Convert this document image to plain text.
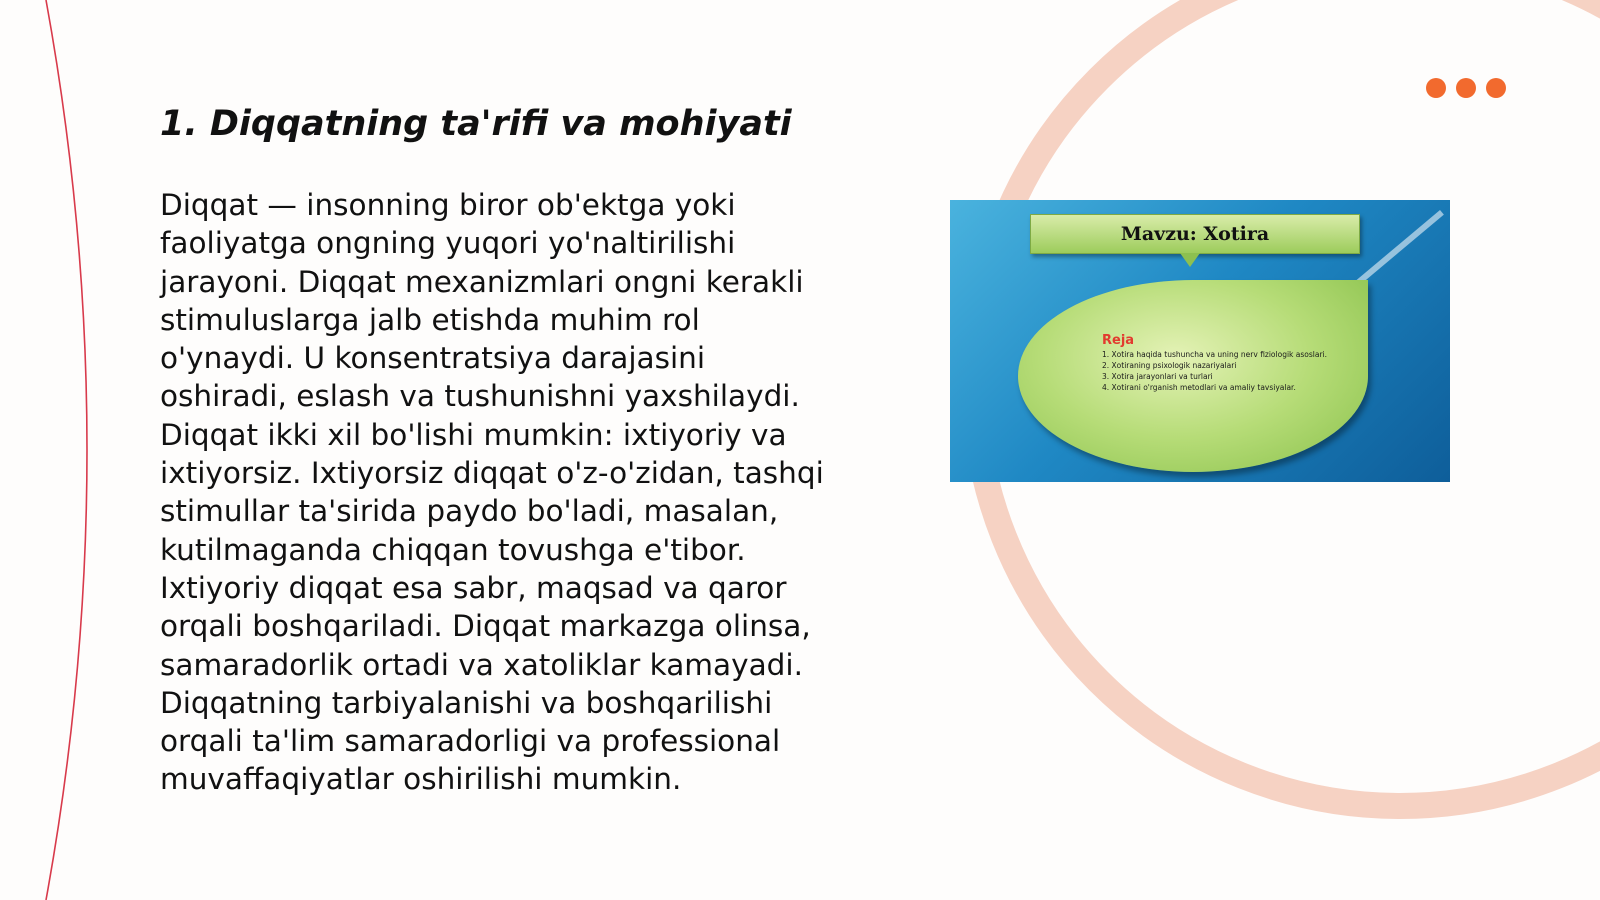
1. Diqqatning ta'rifi va mohiyati

Diqqat — insonning biror ob'ektga yoki faoliyatga ongning yuqori yo'naltirilishi jarayoni. Diqqat mexanizmlari ongni kerakli stimuluslarga jalb etishda muhim rol o'ynaydi. U konsentratsiya darajasini oshiradi, eslash va tushunishni yaxshilaydi. Diqqat ikki xil bo'lishi mumkin: ixtiyoriy va ixtiyorsiz. Ixtiyorsiz diqqat o'z-o'zidan, tashqi stimullar ta'sirida paydo bo'ladi, masalan, kutilmaganda chiqqan tovushga e'tibor. Ixtiyoriy diqqat esa sabr, maqsad va qaror orqali boshqariladi. Diqqat markazga olinsa, samaradorlik ortadi va xatoliklar kamayadi. Diqqatning tarbiyalanishi va boshqarilishi orqali ta'lim samaradorligi va professional muvaffaqiyatlar oshirilishi mumkin.

Mavzu: Xotira
Reja
1. Xotira haqida tushuncha va uning nerv fiziologik asoslari.
2. Xotiraning psixologik nazariyalari
3. Xotira jarayonlari va turlari
4. Xotirani o'rganish metodlari va amaliy tavsiyalar.
